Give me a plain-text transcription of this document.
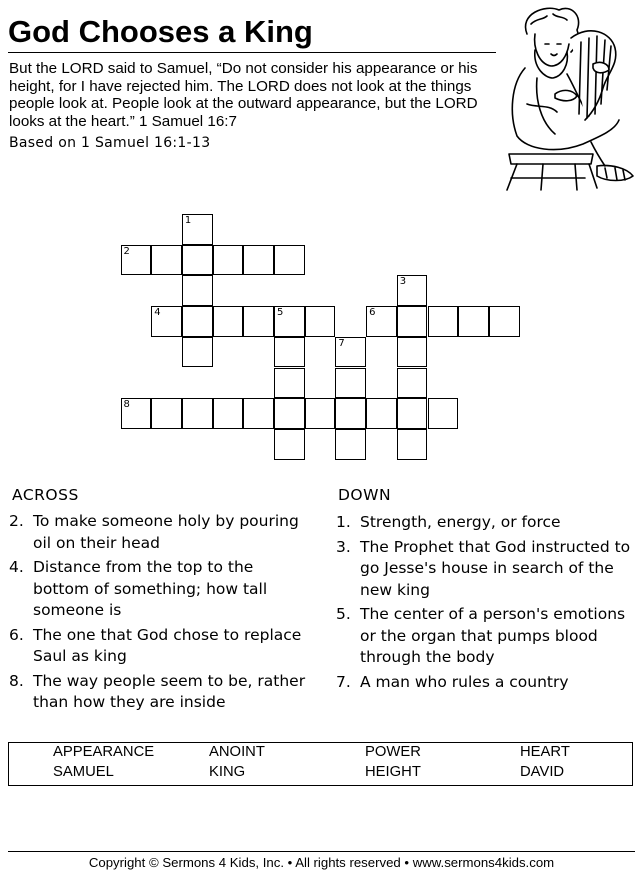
God Chooses a King
But the LORD said to Samuel, “Do not consider his appearance or his height, for I have rejected him. The LORD does not look at the things people look at. People look at the outward appearance, but the LORD looks at the heart.” 1 Samuel 16:7
Based on 1 Samuel 16:1-13
1
2
3
4	5	6
7
8
ACROSS
2. To make someone holy by pouring oil on their head
4. Distance from the top to the bottom of something; how tall someone is
6. The one that God chose to replace Saul as king
8. The way people seem to be, rather than how they are inside
DOWN
1. Strength, energy, or force
3. The Prophet that God instructed to go Jesse's house in search of the new king
5. The center of a person's emotions or the organ that pumps blood through the body
7. A man who rules a country
APPEARANCE	ANOINT	POWER	HEART
SAMUEL	KING	HEIGHT	DAVID
Copyright © Sermons 4 Kids, Inc. • All rights reserved • www.sermons4kids.com
